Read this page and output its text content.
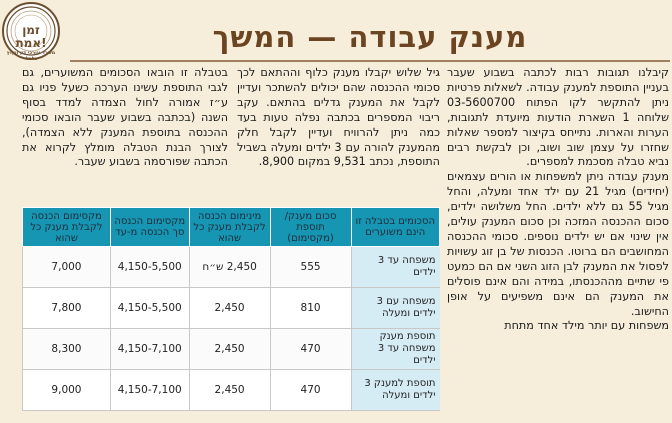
זמן
אמת!
משרד עורכי דין ויעוץ כלכלי
מענק עבודה — המשך

קיבלנו תגובות רבות לכתבה בשבוע שעבר בעניין התוספת למענק עבודה. לשאלות פרטיות ניתן להתקשר לקו הפתוח 03-5600700 שלוחה 1 השארת הודעות מיועדת לתגובות, הערות והארות. נתייחס בקיצור למספר שאלות שחזרו על עצמן שוב ושוב, וכן לבקשת רבים נביא טבלה מסכמת למספרים.

מענק עבודה ניתן למשפחות או הורים עצמאים (יחידים) מגיל 21 עם ילד אחד ומעלה, והחל מגיל 55 גם ללא ילדים. החל משלושה ילדים, סכום ההכנסה המזכה וכן סכום המענק עולים, אין שינוי אם יש ילדים נוספים. סכומי ההכנסה המחושבים הם ברוטו. הכנסות של בן זוג עשויות לפסול את המענק לבן הזוג השני אם הם כמעט פי שתיים מההכנסתו, במידה והם אינם פוסלים את המענק הם אינם משפיעים על אופן החישוב.

משפחות עם יותר מילד אחד מתחת

גיל שלוש יקבלו מענק כלוף וההתאם לכך סכומי ההכנסה שהם יכולים להשתכר ועדיין לקבל את המענק גדלים בהתאם. עקב ריבוי המספרים בכתבה נפלה טעות בעד כמה ניתן להרוויח ועדיין לקבל חלק מהמענק להורה עם 3 ילדים ומעלה בשביל התוספת, נכתב 9,531 במקום 8,900.

בטבלה זו הובאו הסכומים המשוערים, גם לגבי התוספת עשינו הערכה כשעל פניו גם ע״ז אמורה לחול הצמדה למדד בסוף השנה (בכתבה בשבוע שעבר הובאו סכומי ההכנסה בתוספת המענק ללא הצמדה), לצורך הבנת הטבלה מומלץ לקרוא את הכתבה שפורסמה בשבוע שעבר.

הסכומים בטבלה זו הינם משוערים	סכום מענק/ תוספת (מקסימום)	מינימום הכנסה לקבלת מענק כל שהוא	מקסימום הכנסה סך הכנסה מ-עד	מקסימום הכנסה לקבלת מענק כל שהוא
משפחה עד 3 ילדים	555	2,450 ש״ח	4,150-5,500	7,000
משפחה עם 3 ילדים ומעלה	810	2,450	4,150-5,500	7,800
תוספת מענק משפחה עד 3 ילדים	470	2,450	4,150-7,100	8,300
תוספת למענק 3 ילדים ומעלה	470	2,450	4,150-7,100	9,000
